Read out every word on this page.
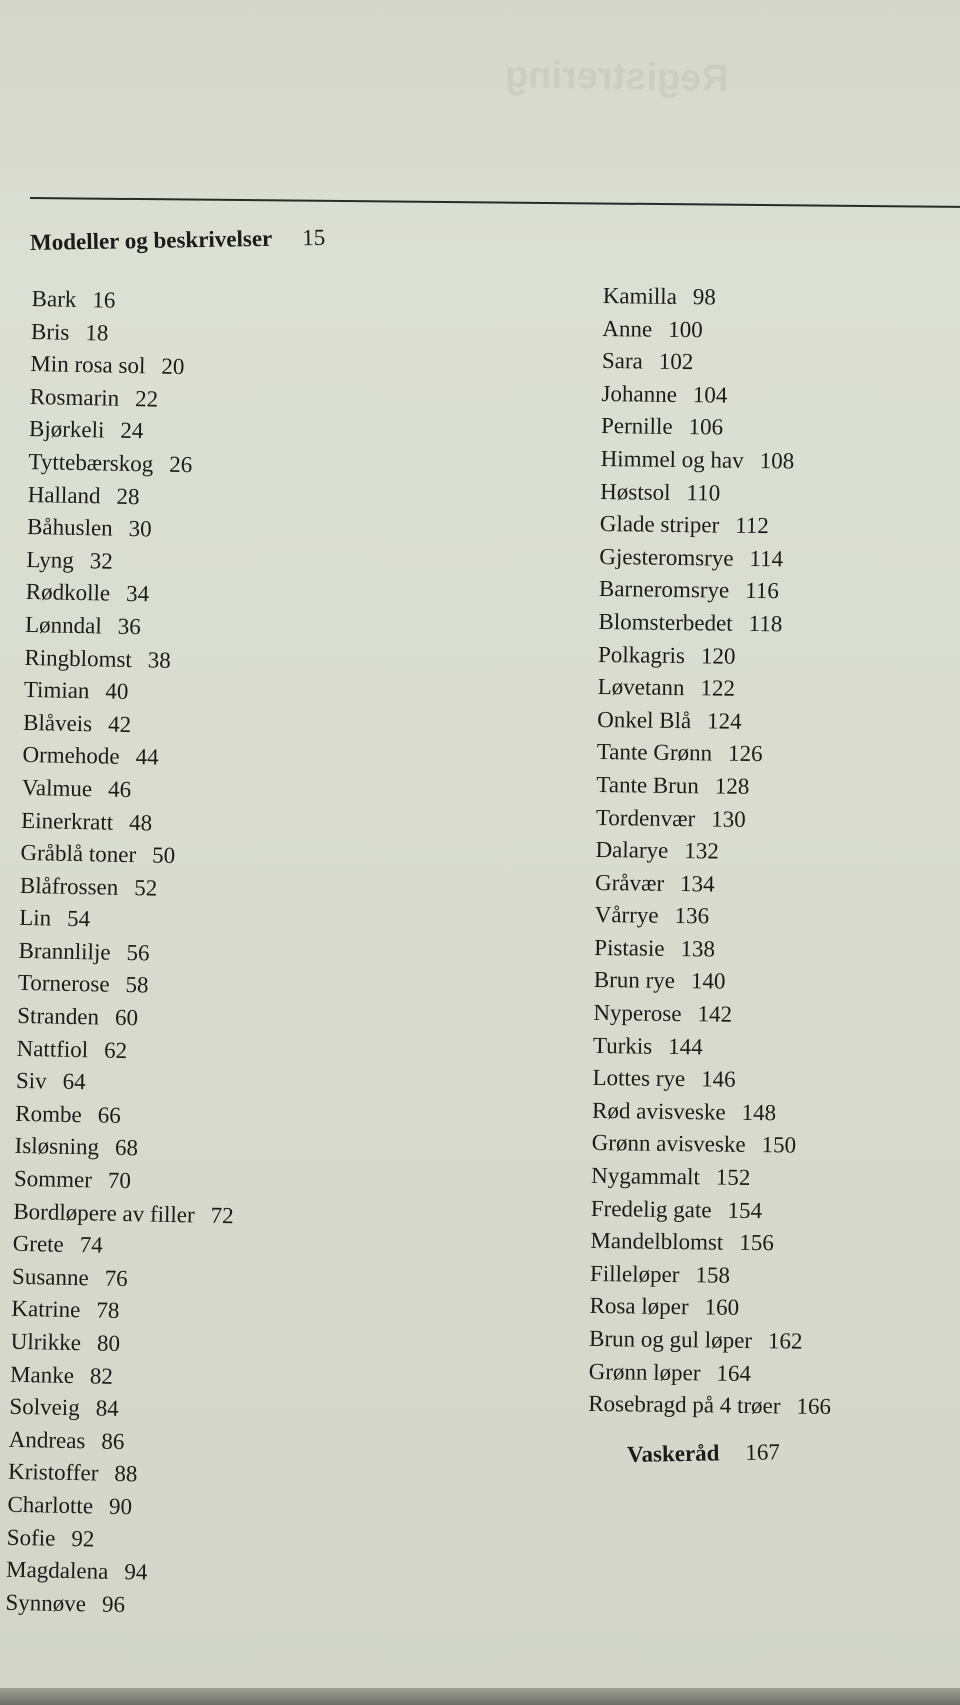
Registrering
Modeller og beskrivelser 15
Bark 16
Bris 18
Min rosa sol 20
Rosmarin 22
Bjørkeli 24
Tyttebærskog 26
Halland 28
Båhuslen 30
Lyng 32
Rødkolle 34
Lønndal 36
Ringblomst 38
Timian 40
Blåveis 42
Ormehode 44
Valmue 46
Einerkratt 48
Gråblå toner 50
Blåfrossen 52
Lin 54
Brannlilje 56
Tornerose 58
Stranden 60
Nattfiol 62
Siv 64
Rombe 66
Isløsning 68
Sommer 70
Bordløpere av filler 72
Grete 74
Susanne 76
Katrine 78
Ulrikke 80
Manke 82
Solveig 84
Andreas 86
Kristoffer 88
Charlotte 90
Sofie 92
Magdalena 94
Synnøve 96
Kamilla 98
Anne 100
Sara 102
Johanne 104
Pernille 106
Himmel og hav 108
Høstsol 110
Glade striper 112
Gjesteromsrye 114
Barneromsrye 116
Blomsterbedet 118
Polkagris 120
Løvetann 122
Onkel Blå 124
Tante Grønn 126
Tante Brun 128
Tordenvær 130
Dalarye 132
Gråvær 134
Vårrye 136
Pistasie 138
Brun rye 140
Nyperose 142
Turkis 144
Lottes rye 146
Rød avisveske 148
Grønn avisveske 150
Nygammalt 152
Fredelig gate 154
Mandelblomst 156
Filleløper 158
Rosa løper 160
Brun og gul løper 162
Grønn løper 164
Rosebragd på 4 trøer 166
Vaskeråd 167
